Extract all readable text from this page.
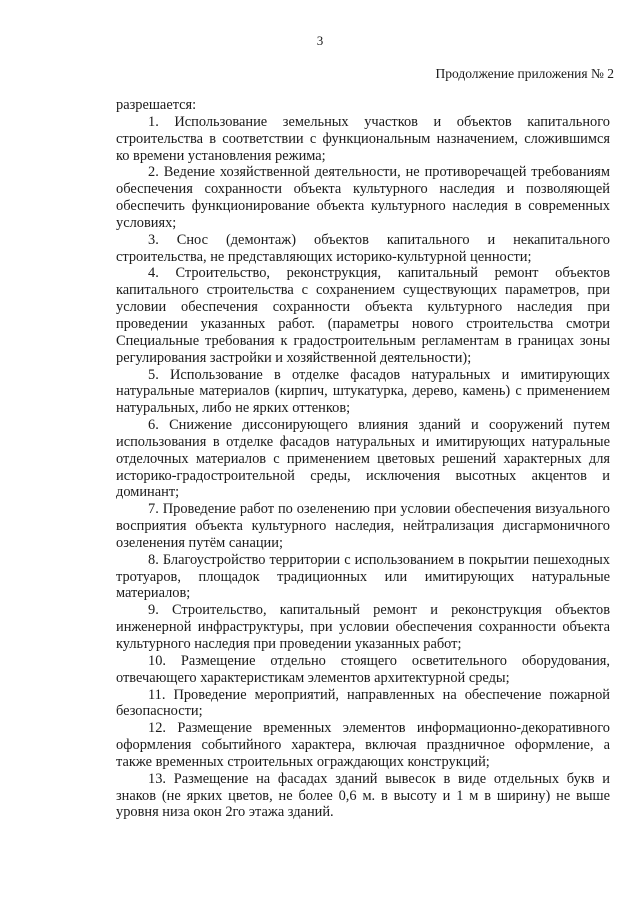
3
Продолжение приложения № 2

разрешается:

1. Использование земельных участков и объектов капитального строительства в соответствии с функциональным назначением, сложившимся ко времени установления режима;

2. Ведение хозяйственной деятельности, не противоречащей требованиям обеспечения сохранности объекта культурного наследия и позволяющей обеспечить функционирование объекта культурного наследия в современных условиях;

3. Снос (демонтаж) объектов капитального и некапитального строительства, не представляющих историко-культурной ценности;

4. Строительство, реконструкция, капитальный ремонт объектов капитального строительства с сохранением существующих параметров, при условии обеспечения сохранности объекта культурного наследия при проведении указанных работ. (параметры нового строительства смотри Специальные требования к градостроительным регламентам в границах зоны регулирования застройки и хозяйственной деятельности);

5. Использование в отделке фасадов натуральных и имитирующих натуральные материалов (кирпич, штукатурка, дерево, камень) с применением натуральных, либо не ярких оттенков;

6. Снижение диссонирующего влияния зданий и сооружений путем использования в отделке фасадов натуральных и имитирующих натуральные отделочных материалов с применением цветовых решений характерных для историко-градостроительной среды, исключения высотных акцентов и доминант;

7. Проведение работ по озеленению при условии обеспечения визуального восприятия объекта культурного наследия, нейтрализация дисгармоничного озеленения путём санации;

8. Благоустройство территории с использованием в покрытии пешеходных тротуаров, площадок традиционных или имитирующих натуральные материалов;

9. Строительство, капитальный ремонт и реконструкция объектов инженерной инфраструктуры, при условии обеспечения сохранности объекта культурного наследия при проведении указанных работ;

10. Размещение отдельно стоящего осветительного оборудования, отвечающего характеристикам элементов архитектурной среды;

11. Проведение мероприятий, направленных на обеспечение пожарной безопасности;

12. Размещение временных элементов информационно-декоративного оформления событийного характера, включая праздничное оформление, а также временных строительных ограждающих конструкций;

13. Размещение на фасадах зданий вывесок в виде отдельных букв и знаков (не ярких цветов, не более 0,6 м. в высоту и 1 м в ширину) не выше уровня низа окон 2го этажа зданий.
